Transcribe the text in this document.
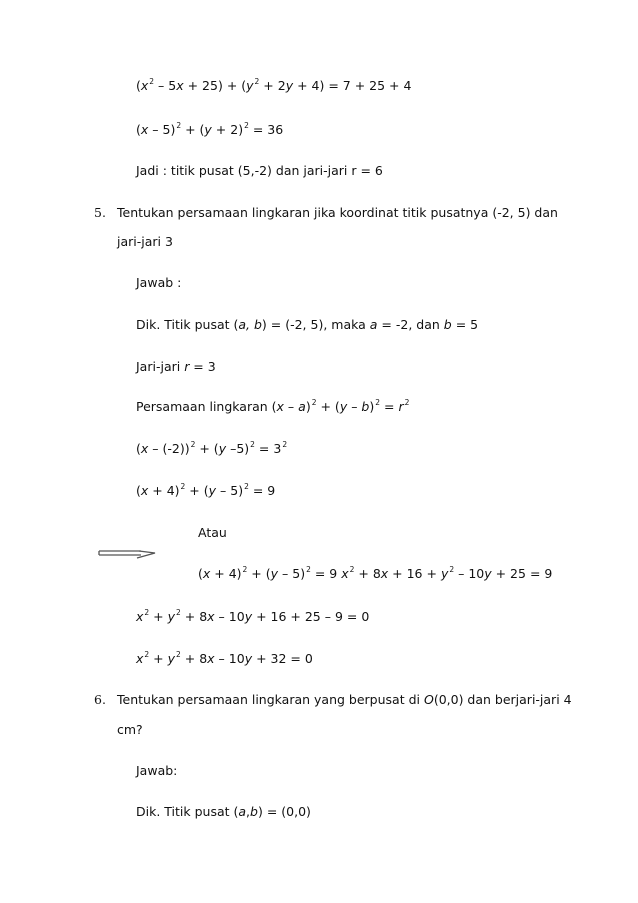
$(x^2 - 5x + 25) + (y^2 + 2y + 4) = 7 + 25 + 4$
$(x - 5)^2 + (y + 2)^2 = 36$
Jadi : titik pusat (5,-2) dan jari-jari r = 6
5. Tentukan persamaan lingkaran jika koordinat titik pusatnya (-2, 5) dan
jari-jari 3
Jawab :
Dik. Titik pusat (a, b) = (-2, 5), maka a = -2, dan b = 5
Jari-jari r = 3
Persamaan lingkaran $(x - a)^2 + (y - b)^2 = r^2$
(x – (-2))$^2$ + (y $-5)^2 = 3^2$
$(x + 4)^2 + (y - 5)^2 = 9$
Atau
$(x + 4)^2 + (y - 5)^2 = 9$ $x^2 + 8x + 16 + y^2 - 10y + 25 = 9$
$x^2 + y^2 + 8x - 10y + 16 + 25 - 9 = 0$
$x^2 + y^2 + 8x - 10y + 32 = 0$
6. Tentukan persamaan lingkaran yang berpusat di O(0,0) dan berjari-jari 4
cm?
Jawab:
Dik. Titik pusat (a,b) = (0,0)
